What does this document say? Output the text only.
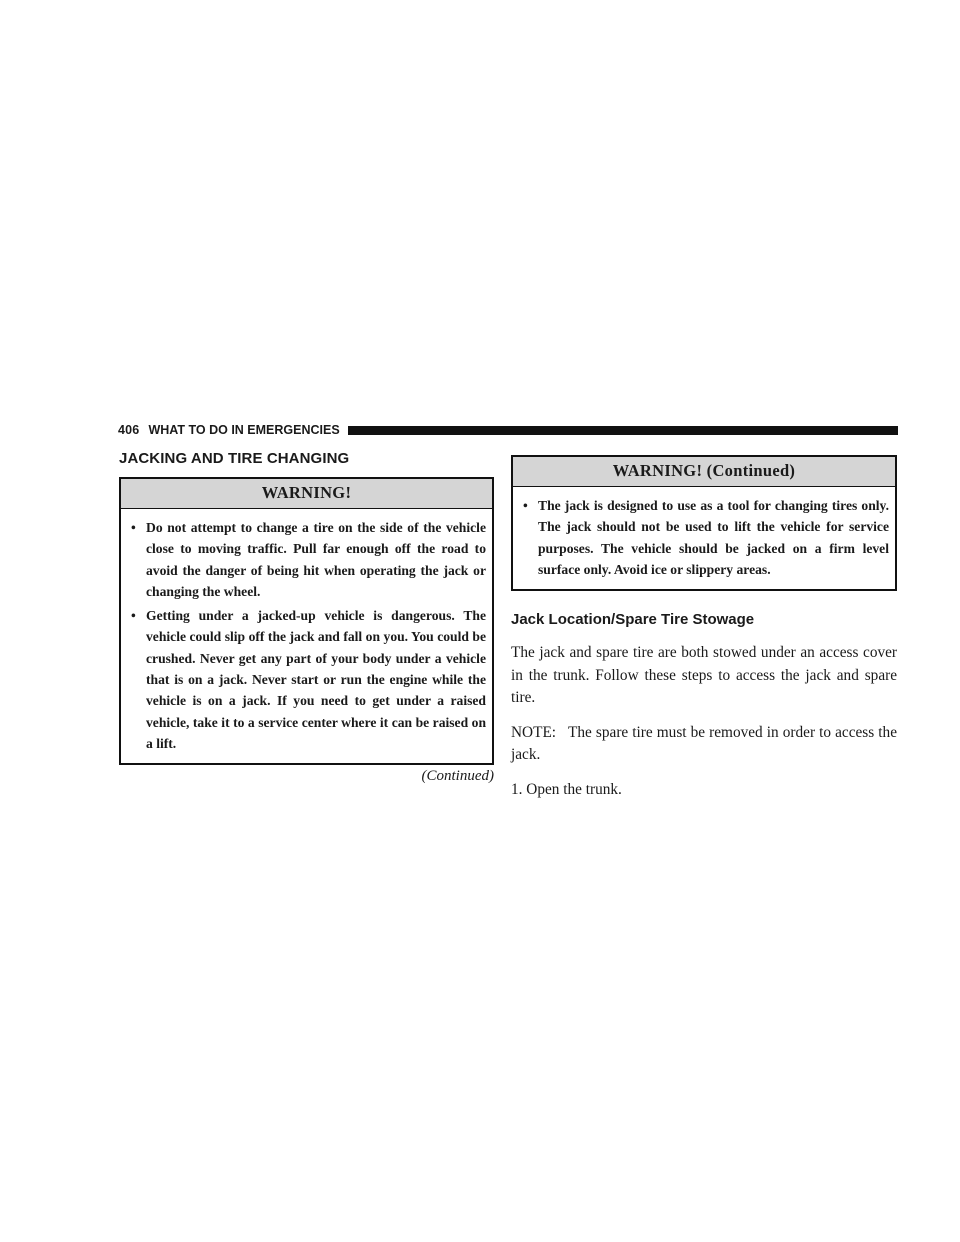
406 WHAT TO DO IN EMERGENCIES
JACKING AND TIRE CHANGING
WARNING!
• Do not attempt to change a tire on the side of the vehicle close to moving traffic. Pull far enough off the road to avoid the danger of being hit when operating the jack or changing the wheel.
• Getting under a jacked-up vehicle is dangerous. The vehicle could slip off the jack and fall on you. You could be crushed. Never get any part of your body under a vehicle that is on a jack. Never start or run the engine while the vehicle is on a jack. If you need to get under a raised vehicle, take it to a service center where it can be raised on a lift.
(Continued)
WARNING! (Continued)
• The jack is designed to use as a tool for changing tires only. The jack should not be used to lift the vehicle for service purposes. The vehicle should be jacked on a firm level surface only. Avoid ice or slippery areas.
Jack Location/Spare Tire Stowage

The jack and spare tire are both stowed under an access cover in the trunk. Follow these steps to access the jack and spare tire.

NOTE: The spare tire must be removed in order to access the jack.

1. Open the trunk.
